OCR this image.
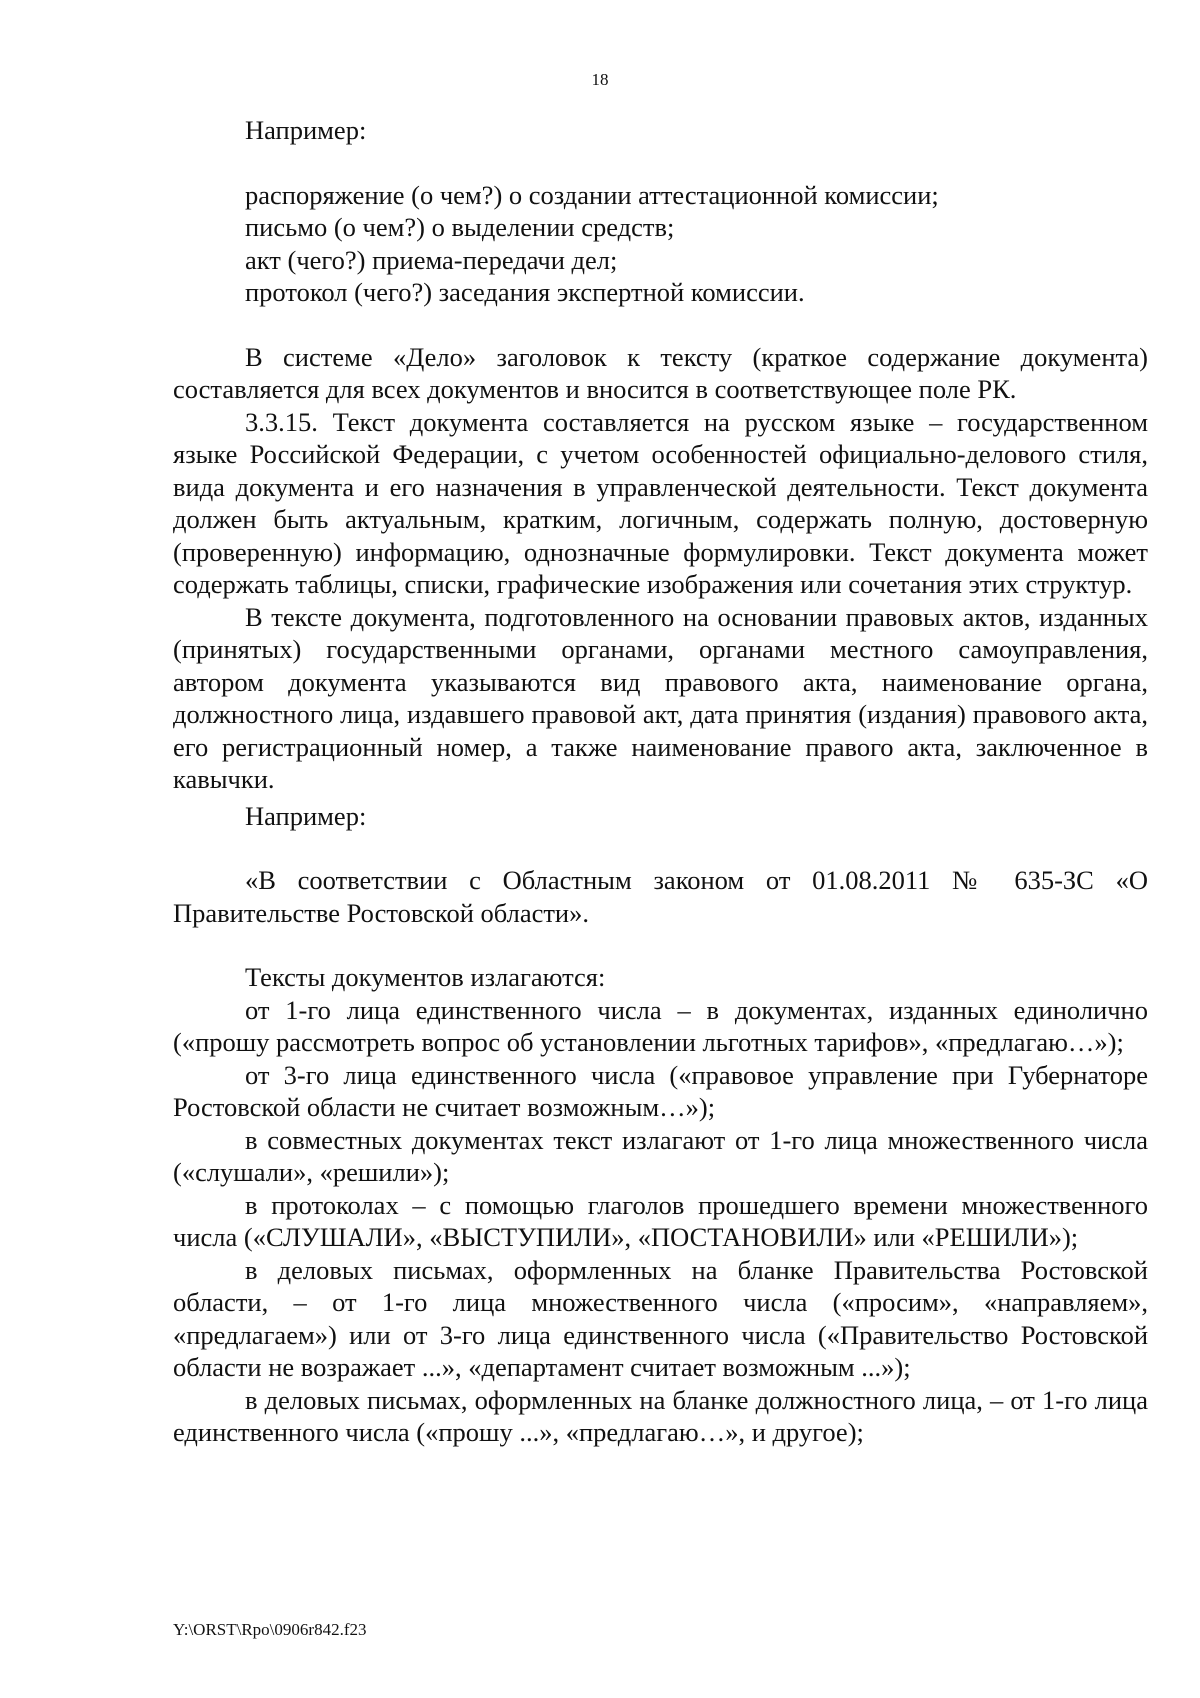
18

Например:

распоряжение (о чем?) о создании аттестационной комиссии;

письмо (о чем?) о выделении средств;

акт (чего?) приема-передачи дел;

протокол (чего?) заседания экспертной комиссии.

В системе «Дело» заголовок к тексту (краткое содержание документа) составляется для всех документов и вносится в соответствующее поле РК.

3.3.15. Текст документа составляется на русском языке – государственном языке Российской Федерации, с учетом особенностей официально-делового стиля, вида документа и его назначения в управленческой деятельности. Текст документа должен быть актуальным, кратким, логичным, содержать полную, достоверную (проверенную) информацию, однозначные формулировки. Текст документа может содержать таблицы, списки, графические изображения или сочетания этих структур.

В тексте документа, подготовленного на основании правовых актов, изданных (принятых) государственными органами, органами местного самоуправления, автором документа указываются вид правового акта, наименование органа, должностного лица, издавшего правовой акт, дата принятия (издания) правового акта, его регистрационный номер, а также наименование правого акта, заключенное в кавычки.

Например:

«В соответствии с Областным законом от 01.08.2011 № 635-ЗС «О Правительстве Ростовской области».

Тексты документов излагаются:

от 1-го лица единственного числа – в документах, изданных единолично («прошу рассмотреть вопрос об установлении льготных тарифов», «предлагаю…»);

от 3-го лица единственного числа («правовое управление при Губернаторе Ростовской области не считает возможным…»);

в совместных документах текст излагают от 1-го лица множественного числа («слушали», «решили»);

в протоколах – с помощью глаголов прошедшего времени множественного числа («СЛУШАЛИ», «ВЫСТУПИЛИ», «ПОСТАНОВИЛИ» или «РЕШИЛИ»);

в деловых письмах, оформленных на бланке Правительства Ростовской области, – от 1-го лица множественного числа («просим», «направляем», «предлагаем») или от 3-го лица единственного числа («Правительство Ростовской области не возражает ...», «департамент считает возможным ...»);

в деловых письмах, оформленных на бланке должностного лица, – от 1-го лица единственного числа («прошу ...», «предлагаю…», и другое);

Y:\ORST\Rpo\0906r842.f23
